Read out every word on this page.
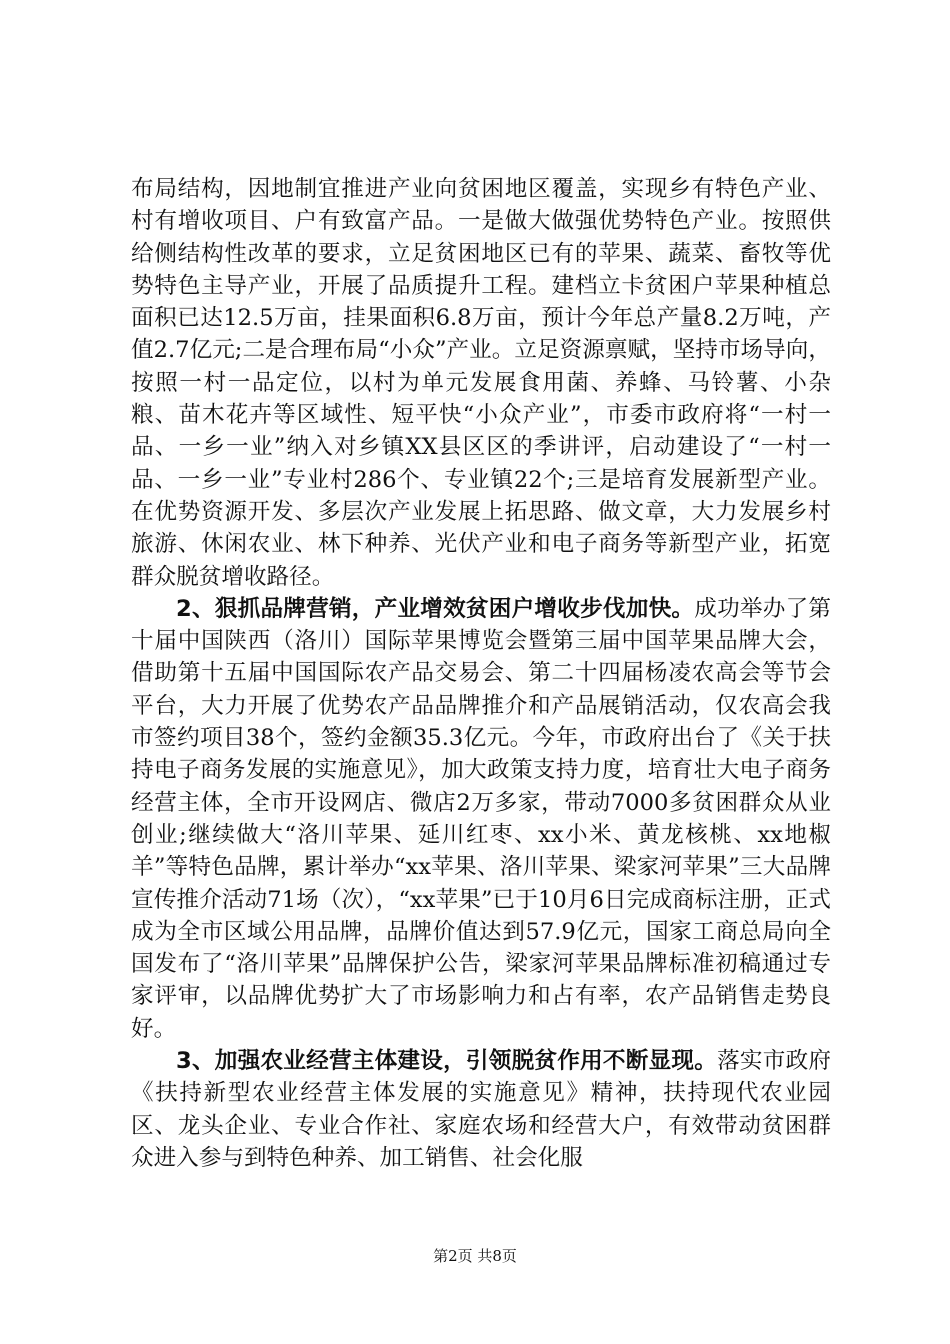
布局结构，因地制宜推进产业向贫困地区覆盖，实现乡有特色产业、村有增收项目、户有致富产品。一是做大做强优势特色产业。按照供给侧结构性改革的要求，立足贫困地区已有的苹果、蔬菜、畜牧等优势特色主导产业，开展了品质提升工程。建档立卡贫困户苹果种植总面积已达12.5万亩，挂果面积6.8万亩，预计今年总产量8.2万吨，产值2.7亿元;二是合理布局“小众”产业。立足资源禀赋，坚持市场导向，按照一村一品定位，以村为单元发展食用菌、养蜂、马铃薯、小杂粮、苗木花卉等区域性、短平快“小众产业”，市委市政府将“一村一品、一乡一业”纳入对乡镇XX县区区的季讲评，启动建设了“一村一品、一乡一业”专业村286个、专业镇22个;三是培育发展新型产业。在优势资源开发、多层次产业发展上拓思路、做文章，大力发展乡村旅游、休闲农业、林下种养、光伏产业和电子商务等新型产业，拓宽群众脱贫增收路径。

2、狠抓品牌营销，产业增效贫困户增收步伐加快。成功举办了第十届中国陕西（洛川）国际苹果博览会暨第三届中国苹果品牌大会，借助第十五届中国国际农产品交易会、第二十四届杨凌农高会等节会平台，大力开展了优势农产品品牌推介和产品展销活动，仅农高会我市签约项目38个，签约金额35.3亿元。今年，市政府出台了《关于扶持电子商务发展的实施意见》，加大政策支持力度，培育壮大电子商务经营主体，全市开设网店、微店2万多家，带动7000多贫困群众从业创业;继续做大“洛川苹果、延川红枣、xx小米、黄龙核桃、xx地椒羊”等特色品牌，累计举办“xx苹果、洛川苹果、梁家河苹果”三大品牌宣传推介活动71场（次），“xx苹果”已于10月6日完成商标注册，正式成为全市区域公用品牌，品牌价值达到57.9亿元，国家工商总局向全国发布了“洛川苹果”品牌保护公告，梁家河苹果品牌标准初稿通过专家评审，以品牌优势扩大了市场影响力和占有率，农产品销售走势良好。

3、加强农业经营主体建设，引领脱贫作用不断显现。落实市政府《扶持新型农业经营主体发展的实施意见》精神，扶持现代农业园区、龙头企业、专业合作社、家庭农场和经营大户，有效带动贫困群众进入参与到特色种养、加工销售、社会化服

第2页 共8页
